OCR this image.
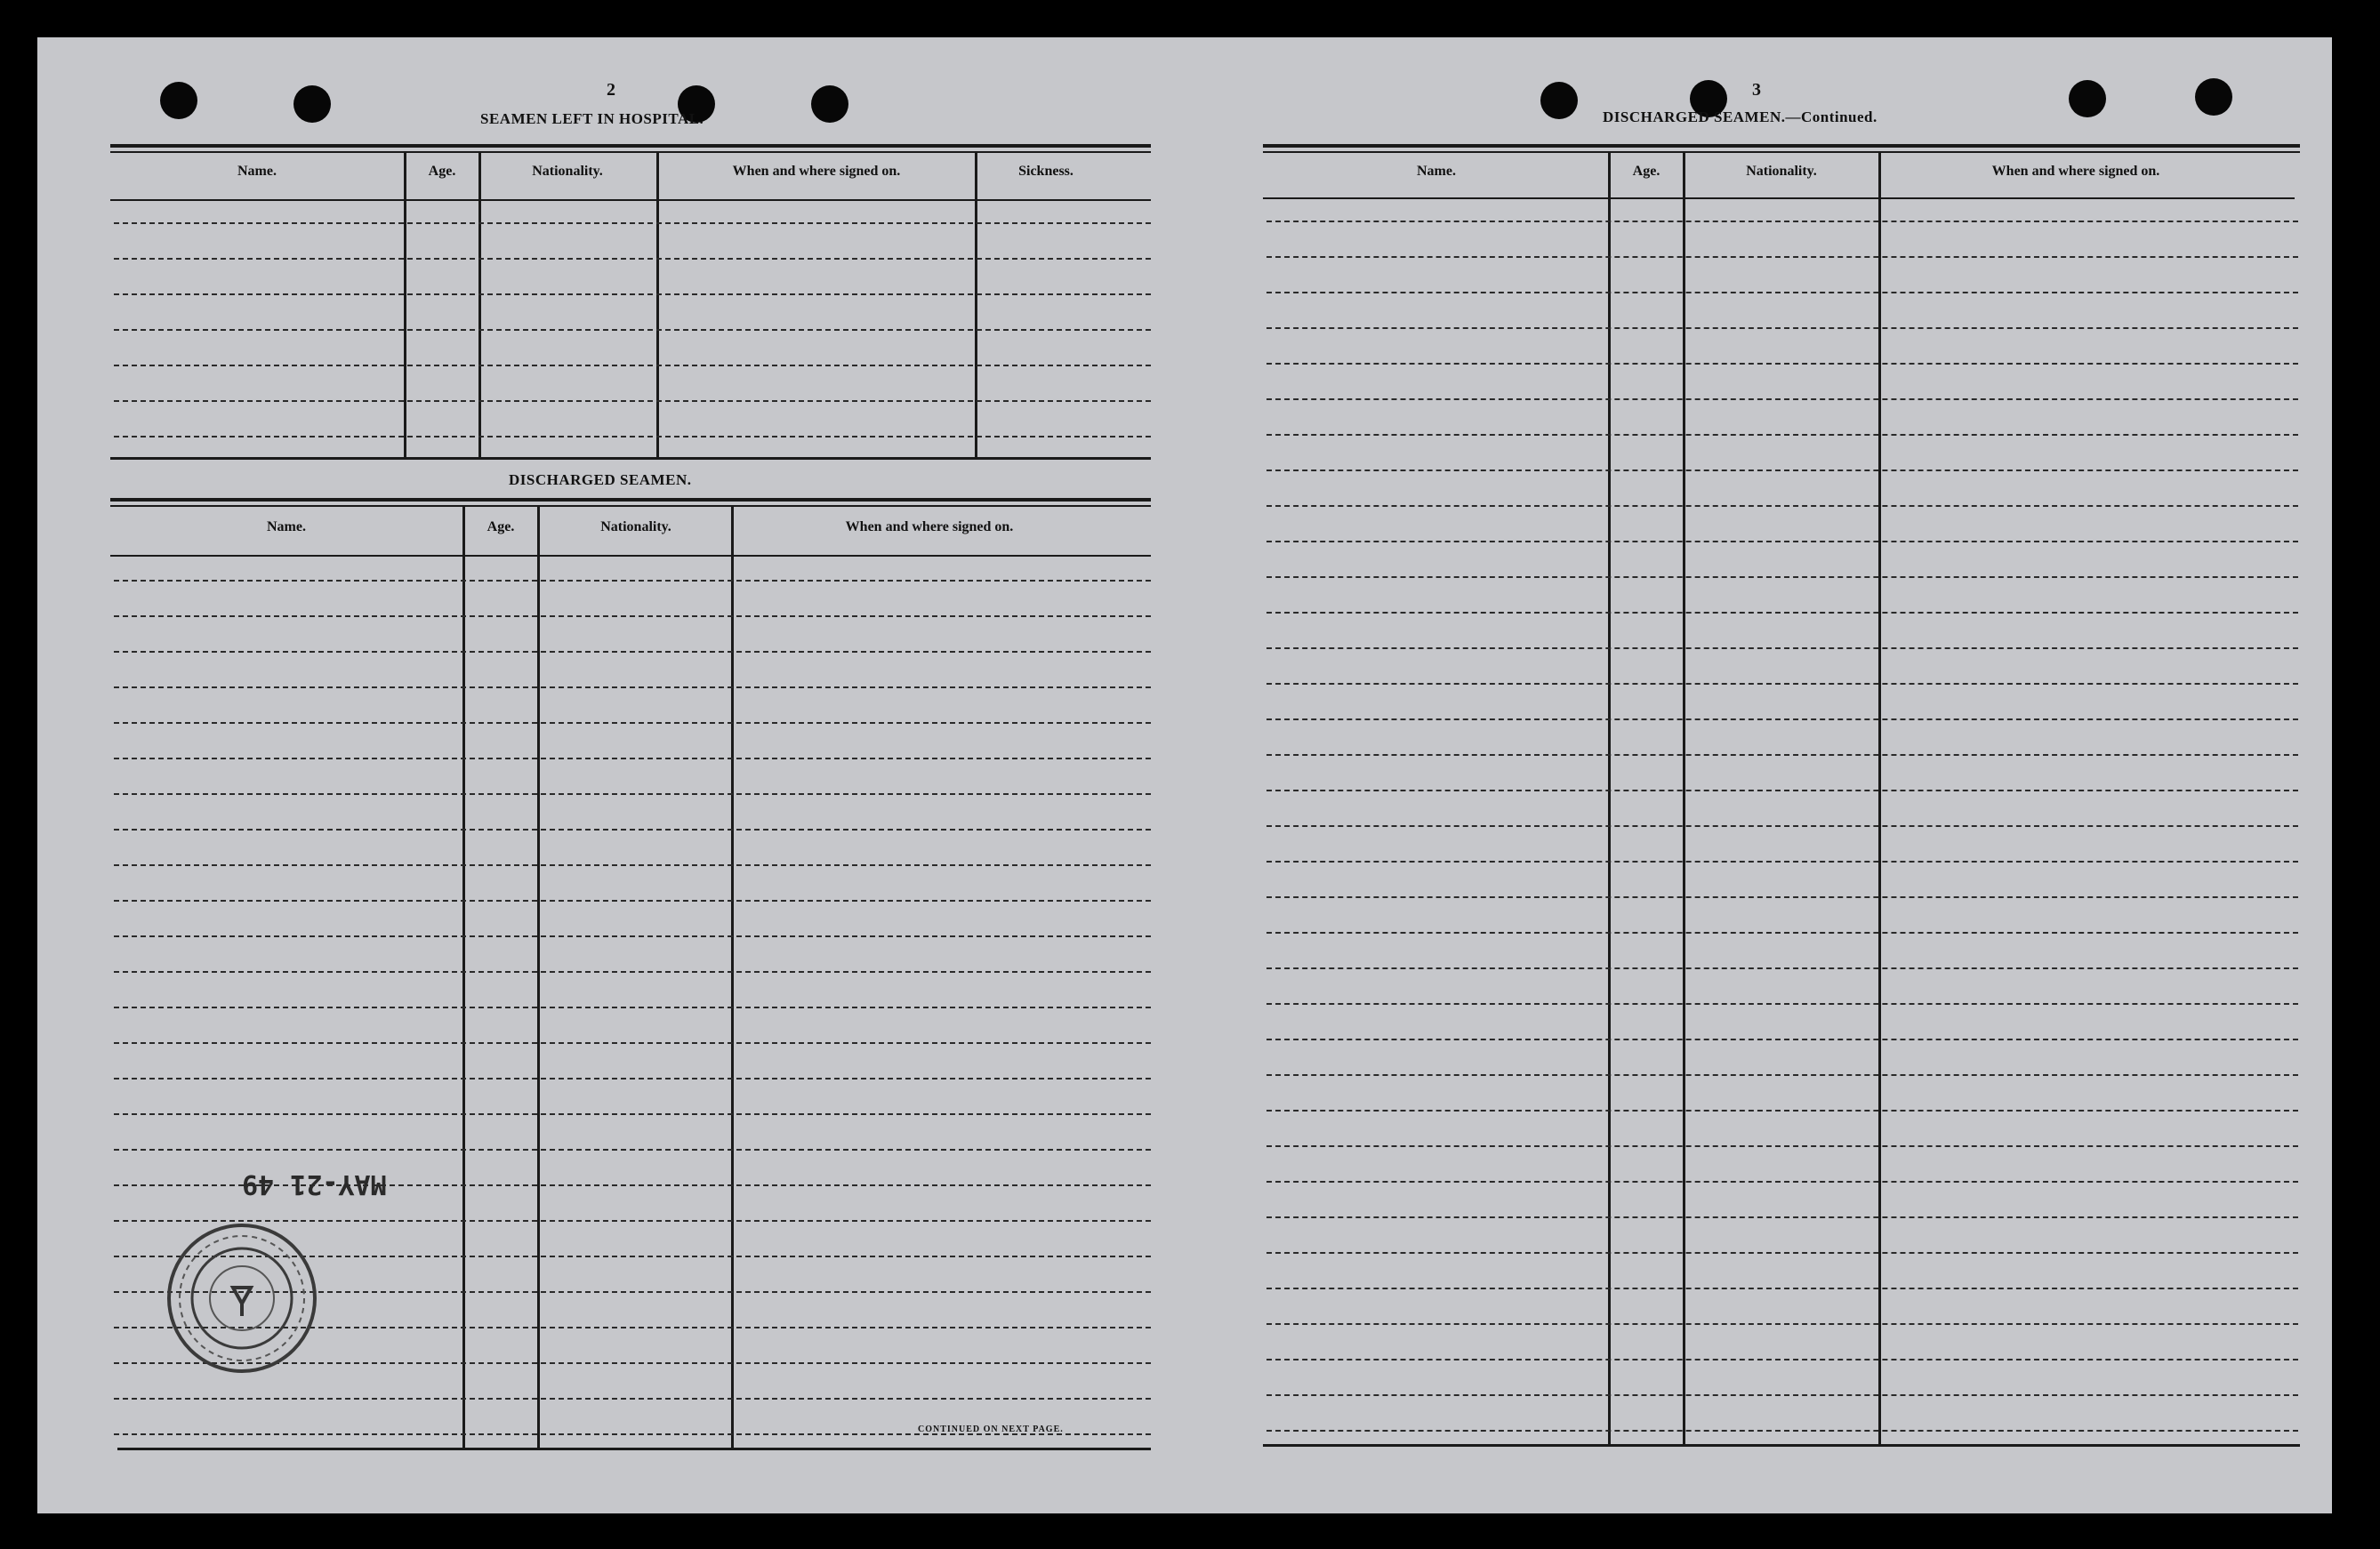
2
SEAMEN LEFT IN HOSPITAL.
Name.	Age.	Nationality.	When and where signed on.	Sickness.
DISCHARGED SEAMEN.
Name.	Age.	Nationality.	When and where signed on.
CONTINUED ON NEXT PAGE.
MAY-21 49
3
DISCHARGED SEAMEN.—Continued.
Name.	Age.	Nationality.	When and where signed on.
